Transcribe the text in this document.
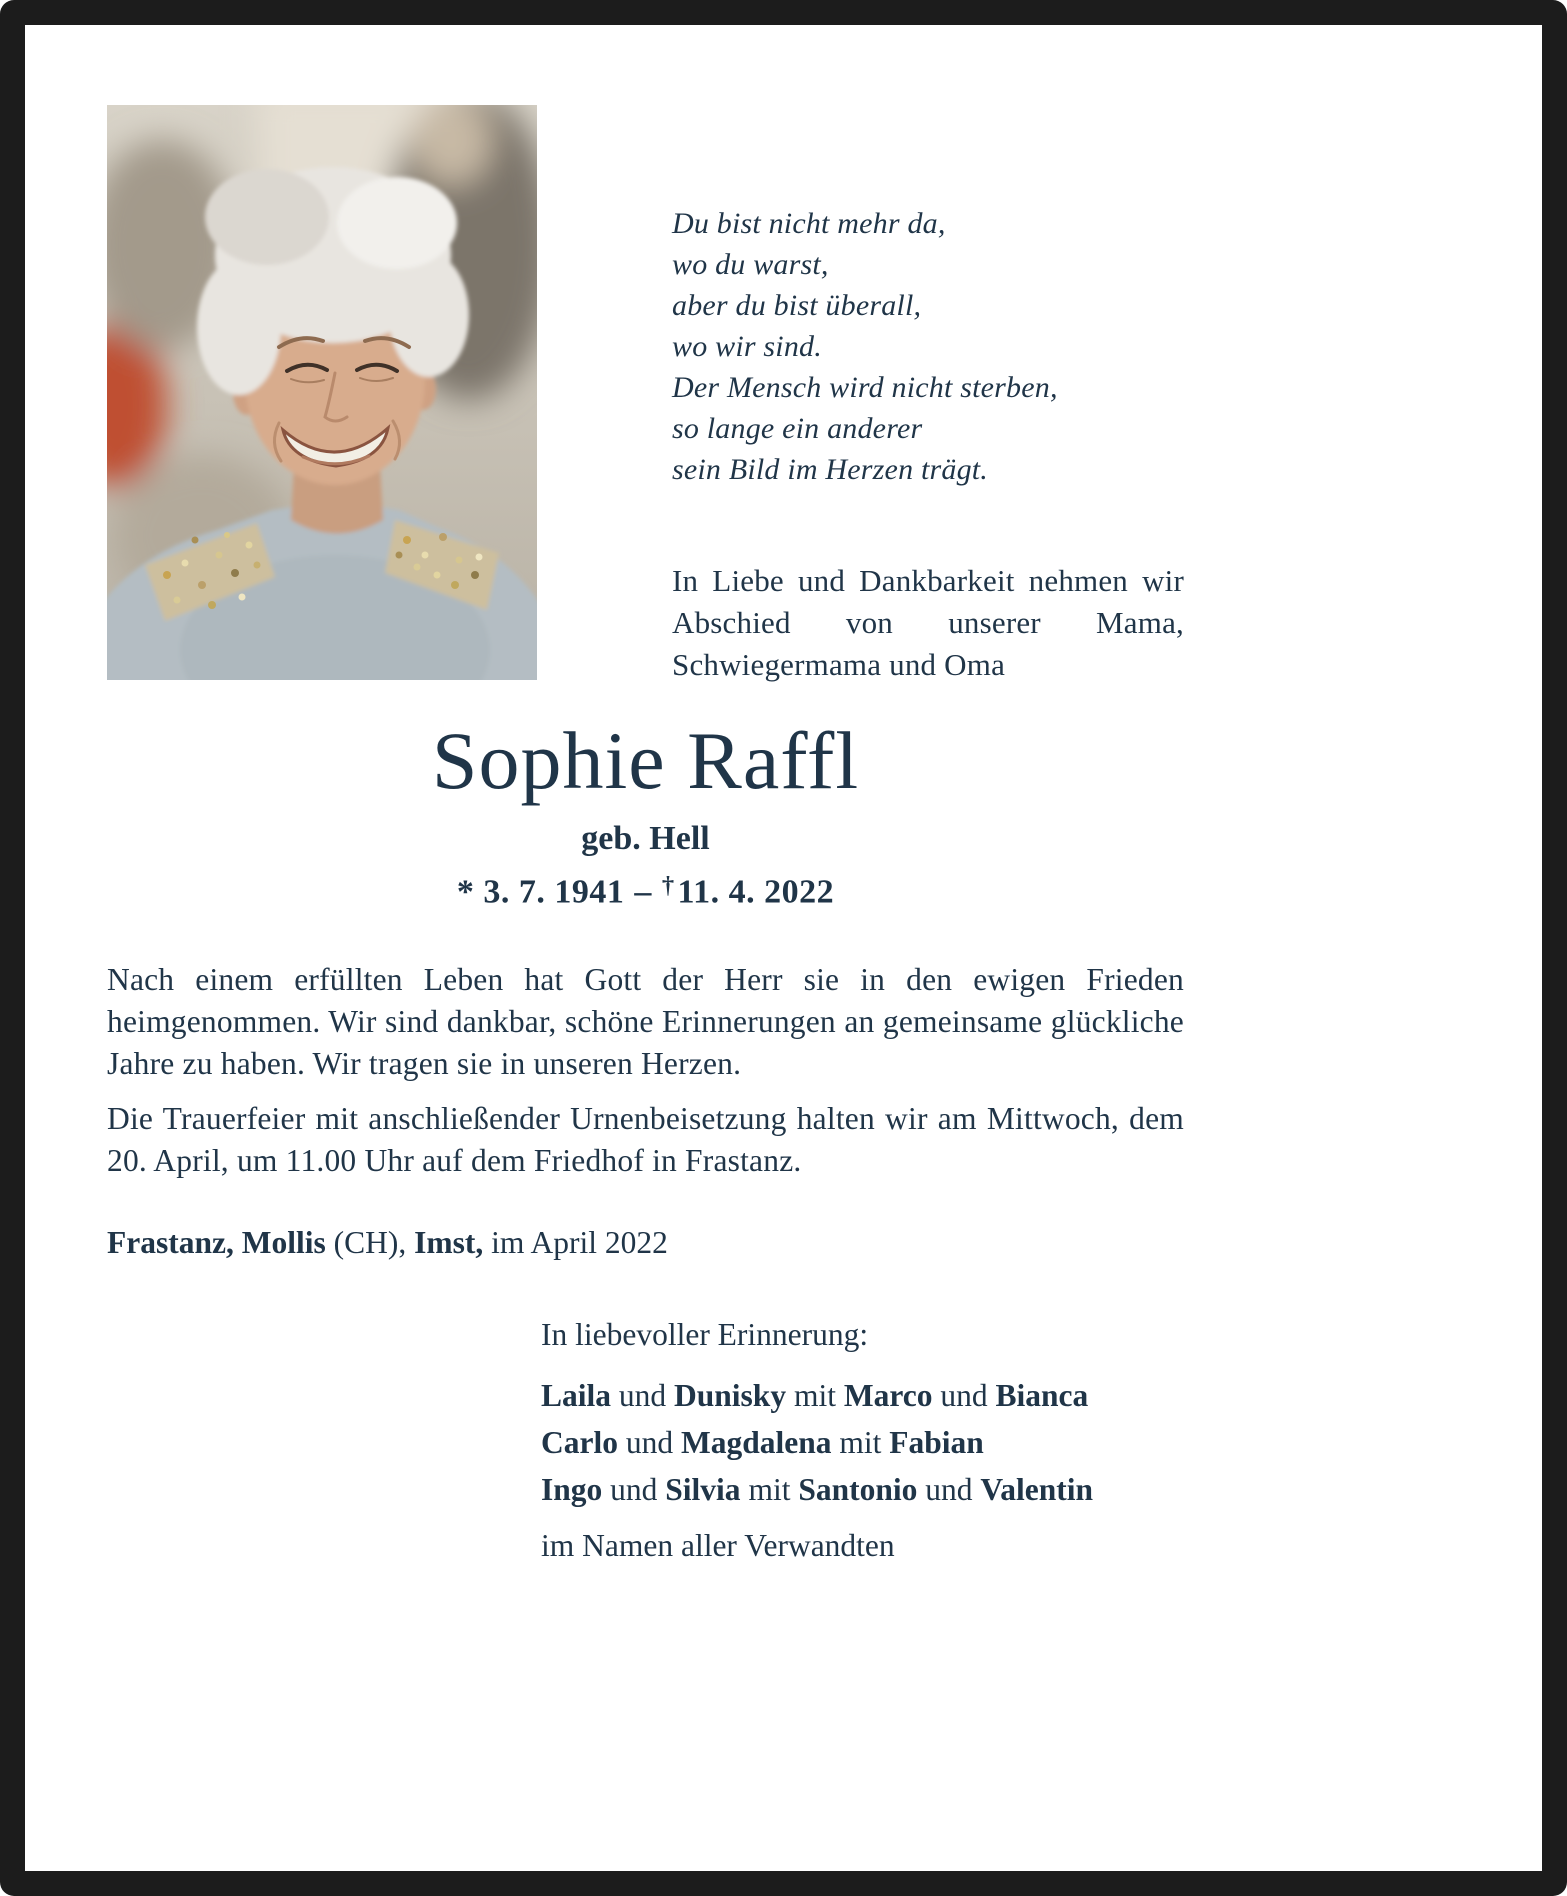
Du bist nicht mehr da,
wo du warst,
aber du bist überall,
wo wir sind.
Der Mensch wird nicht sterben,
so lange ein anderer
sein Bild im Herzen trägt.
In Liebe und Dankbarkeit nehmen wir Abschied von unserer Mama, Schwiegermama und Oma
Sophie Raffl
geb. Hell
* 3. 7. 1941 – †11. 4. 2022

Nach einem erfüllten Leben hat Gott der Herr sie in den ewigen Frieden heimgenommen. Wir sind dankbar, schöne Erinnerungen an gemeinsame glückliche Jahre zu haben. Wir tragen sie in unseren Herzen.

Die Trauerfeier mit anschließender Urnenbeisetzung halten wir am Mittwoch, dem 20. April, um 11.00 Uhr auf dem Friedhof in Frastanz.

Frastanz, Mollis (CH), Imst, im April 2022
In liebevoller Erinnerung:
Laila und Dunisky mit Marco und Bianca
Carlo und Magdalena mit Fabian
Ingo und Silvia mit Santonio und Valentin
im Namen aller Verwandten
